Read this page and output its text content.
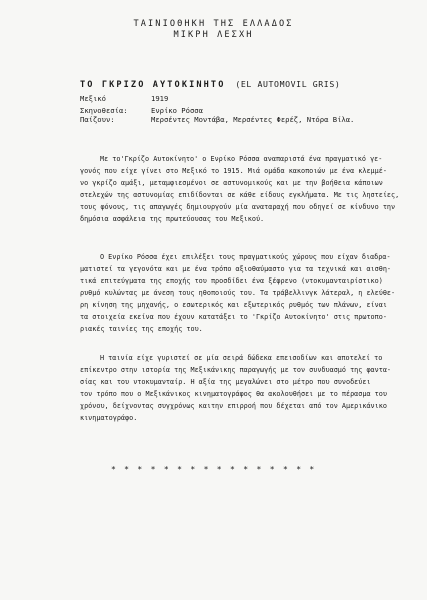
ΤΑΙΝΙΟΘΗΚΗ ΤΗΣ ΕΛΛΑΔΟΣ
ΜΙΚΡΗ ΛΕΣΧΗ
ΤΟ ΓΚΡΙΖΟ ΑΥΤΟΚΙΝΗΤΟ (EL AUTOMOVIL GRIS)
Μεξικό	1919
Σκηνοθεσία:	Ενρίκο Ρόσσα
Παίζουν:	Μερσέντες Μοντάβα, Μερσέντες Φερέζ, Ντόρα Βίλα.
Με το'Γκρίζο Αυτοκίνητο' ο Ενρίκο Ρόσσα αναπαριστά ένα πραγματικό γε-
γονός που είχε γίνει στο Μεξικό το 1915. Μιά ομάδα κακοποιών με ένα κλεμμέ-
νο γκρίζο αμάξι, μεταμφιεσμένοι σε αστυνομικούς και με την βοήθεια κάποιων
στελεχών της αστυνομίας επιδίδονται σε κάθε είδους εγκλήματα. Με τις ληστείες,
τους φόνους, τις απαγωγές δημιουργούν μία αναταραχή που οδηγεί σε κίνδυνο την
δημόσια ασφάλεια της πρωτεύουσας του Μεξικού.
Ο Ενρίκο Ρόσσα έχει επιλέξει τους πραγματικούς χώρους που είχαν διαδρα-
ματιστεί τα γεγονότα και με ένα τρόπο αξιοθαύμαστο για τα τεχνικά και αισθη-
τικά επιτεύγματα της εποχής του προσδίδει ένα ξέφρενο (ντοκυμανταιρίστικο)
ρυθμό κυλώντας με άνεση τους ηθοποιούς του. Τα τράβελλινγκ λάτεραλ, η ελεύθε-
ρη κίνηση της μηχανής, ο εσωτερικός και εξωτερικός ρυθμός των πλάνων, είναι
τα στοιχεία εκείνα που έχουν κατατάξει το 'Γκρίζο Αυτοκίνητο' στις πρωτοπο-
ριακές ταινίες της εποχής του.
Η ταινία είχε γυριστεί σε μία σειρά δώδεκα επεισοδίων και αποτελεί το
επίκεντρο στην ιστορία της Μεξικάνικης παραγωγής με τον συνδυασμό της φαντα-
σίας και του ντοκυμανταίρ. Η αξία της μεγαλώνει στο μέτρο που συνοδεύει
τον τρόπο που ο Μεξικάνικος κινηματογράφος θα ακολουθήσει με το πέρασμα του
χρόνου, δείχνοντας συγχρόνως καιτην επιρροή που δέχεται από τον Αμερικάνικο
κινηματογράφο.
* * * * * * * * * * * * * * * *
